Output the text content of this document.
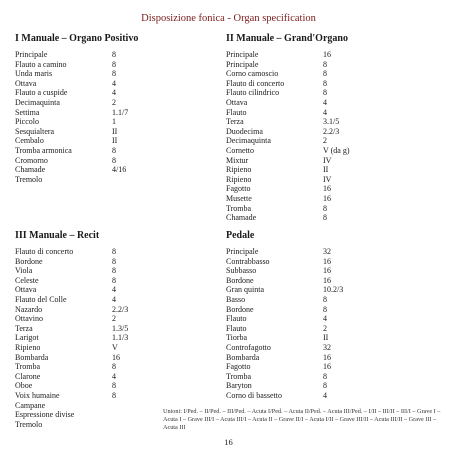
Disposizione fonica - Organ specification
I Manuale – Organo Positivo
Principale	8
Flauto a camino	8
Unda maris	8
Ottava	4
Flauto a cuspide	4
Decimaquinta	2
Settima	1.1/7
Piccolo	1
Sesquialtera	II
Cembalo	II
Tromba armonica	8
Cromorno	8
Chamade	4/16
Tremolo
II Manuale – Grand'Organo
Principale	16
Principale	8
Corno camoscio	8
Flauto di concerto	8
Flauto cilindrico	8
Ottava	4
Flauto	4
Terza	3.1/5
Duodecima	2.2/3
Decimaquinta	2
Cornetto	V (da g)
Mixtur	IV
Ripieno	II
Ripieno	IV
Fagotto	16
Musette	16
Tromba	8
Chamade	8
III Manuale – Recit
Flauto di concerto	8
Bordone	8
Viola	8
Celeste	8
Ottava	4
Flauto del Colle	4
Nazardo	2.2/3
Ottavino	2
Terza	1.3/5
Larigot	1.1/3
Ripieno	V
Bombarda	16
Tromba	8
Clarone	4
Oboe	8
Voix humaine	8
Campane
Espressione divise
Tremolo
Pedale
Principale	32
Contrabbasso	16
Subbasso	16
Bordone	16
Gran quinta	10.2/3
Basso	8
Bordone	8
Flauto	4
Flauto	2
Tiorba	II
Controfagotto	32
Bombarda	16
Fagotto	16
Tromba	8
Baryton	8
Corno di bassetto	4
Unioni: I/Ped. – II/Ped. – III/Ped. – Acuta I/Ped. – Acuta II/Ped. – Acuta III/Ped. – I/II – III/II – III/I – Grave I – Acuta I – Grave III/I – Acuta III/I – Acuta II – Grave II/I – Acuta I/II – Grave III/II – Acuta III/II – Grave III – Acuta III
16
